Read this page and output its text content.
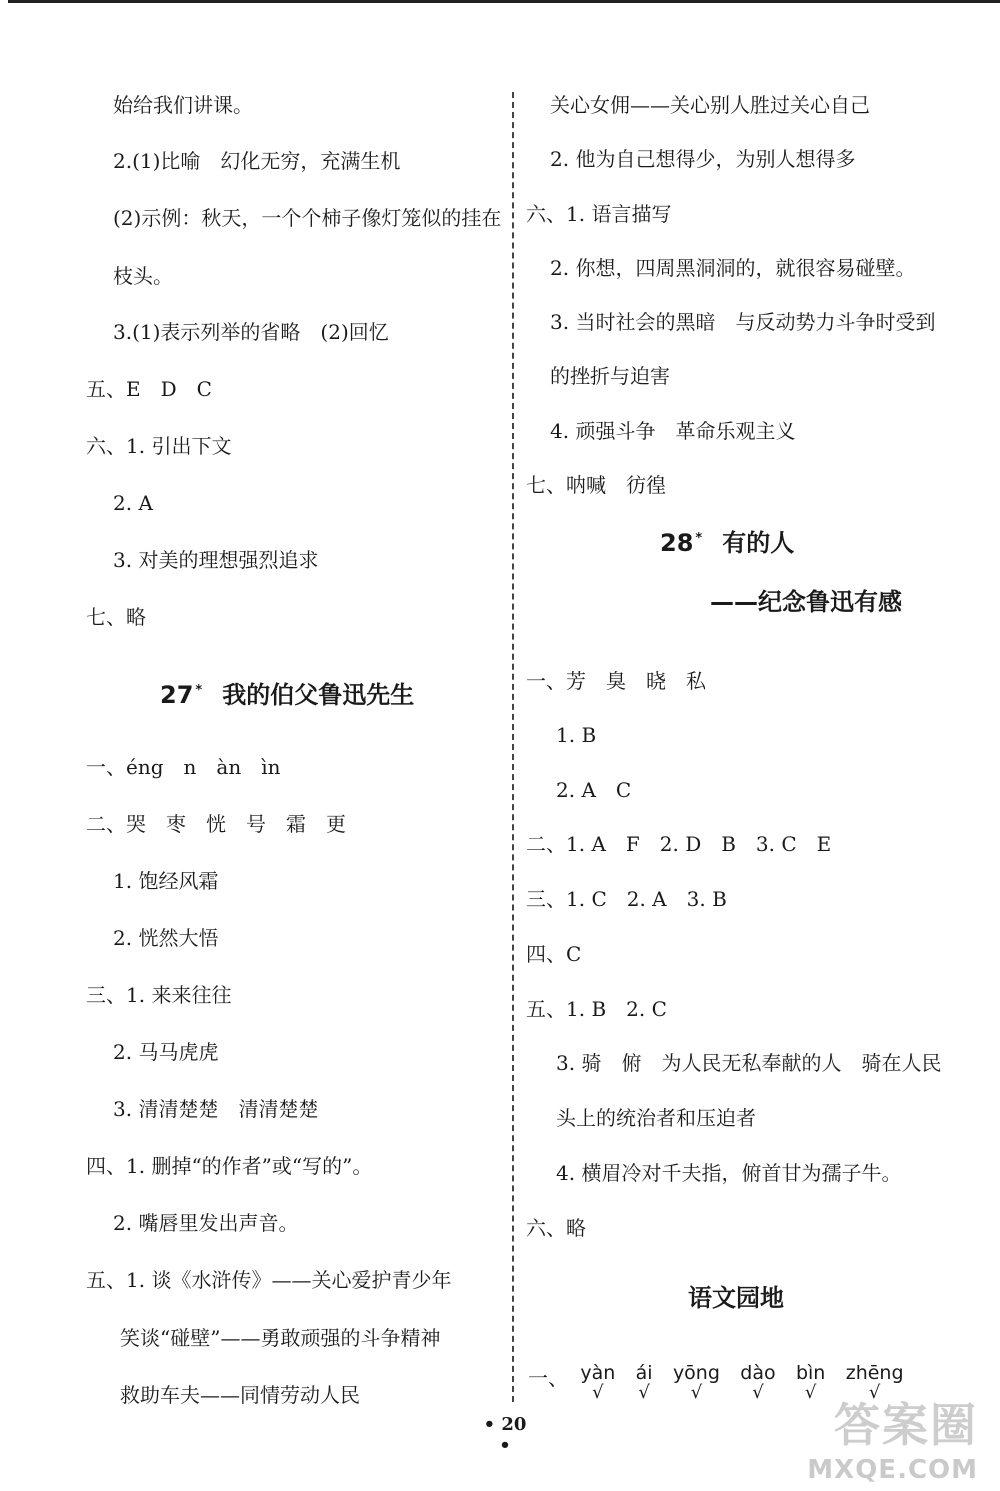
始给我们讲课。
2.(1)比喻　幻化无穷，充满生机
(2)示例：秋天，一个个柿子像灯笼似的挂在
枝头。
3.(1)表示列举的省略　(2)回忆
五、E　D　C
六、1. 引出下文
2. A
3. 对美的理想强烈追求
七、略
27 * 我的伯父鲁迅先生
一、éng　n　àn　ìn
二、哭　枣　恍　号　霜　更
1. 饱经风霜
2. 恍然大悟
三、1. 来来往往
2. 马马虎虎
3. 清清楚楚　清清楚楚
四、1. 删掉“的作者”或“写的”。
2. 嘴唇里发出声音。
五、1. 谈《水浒传》——关心爱护青少年
笑谈“碰壁”——勇敢顽强的斗争精神
救助车夫——同情劳动人民
关心女佣——关心别人胜过关心自己
2. 他为自己想得少，为别人想得多
六、1. 语言描写
2. 你想，四周黑洞洞的，就很容易碰壁。
3. 当时社会的黑暗　与反动势力斗争时受到
的挫折与迫害
4. 顽强斗争　革命乐观主义
七、呐喊　彷徨
28 * 有的人
——纪念鲁迅有感
一、芳　臭　晓　私
1. B
2. A　C
二、1. A　F　2. D　B　3. C　E
三、1. C　2. A　3. B
四、C
五、1. B　2. C
3. 骑　俯　为人民无私奉献的人　骑在人民
头上的统治者和压迫者
4. 横眉冷对千夫指，俯首甘为孺子牛。
六、略
语文园地
一、 yàn
√

ái
√

yōng
√

dào
√

bìn
√

zhēng
√
• 20 •	答案圈
MXQE.COM
